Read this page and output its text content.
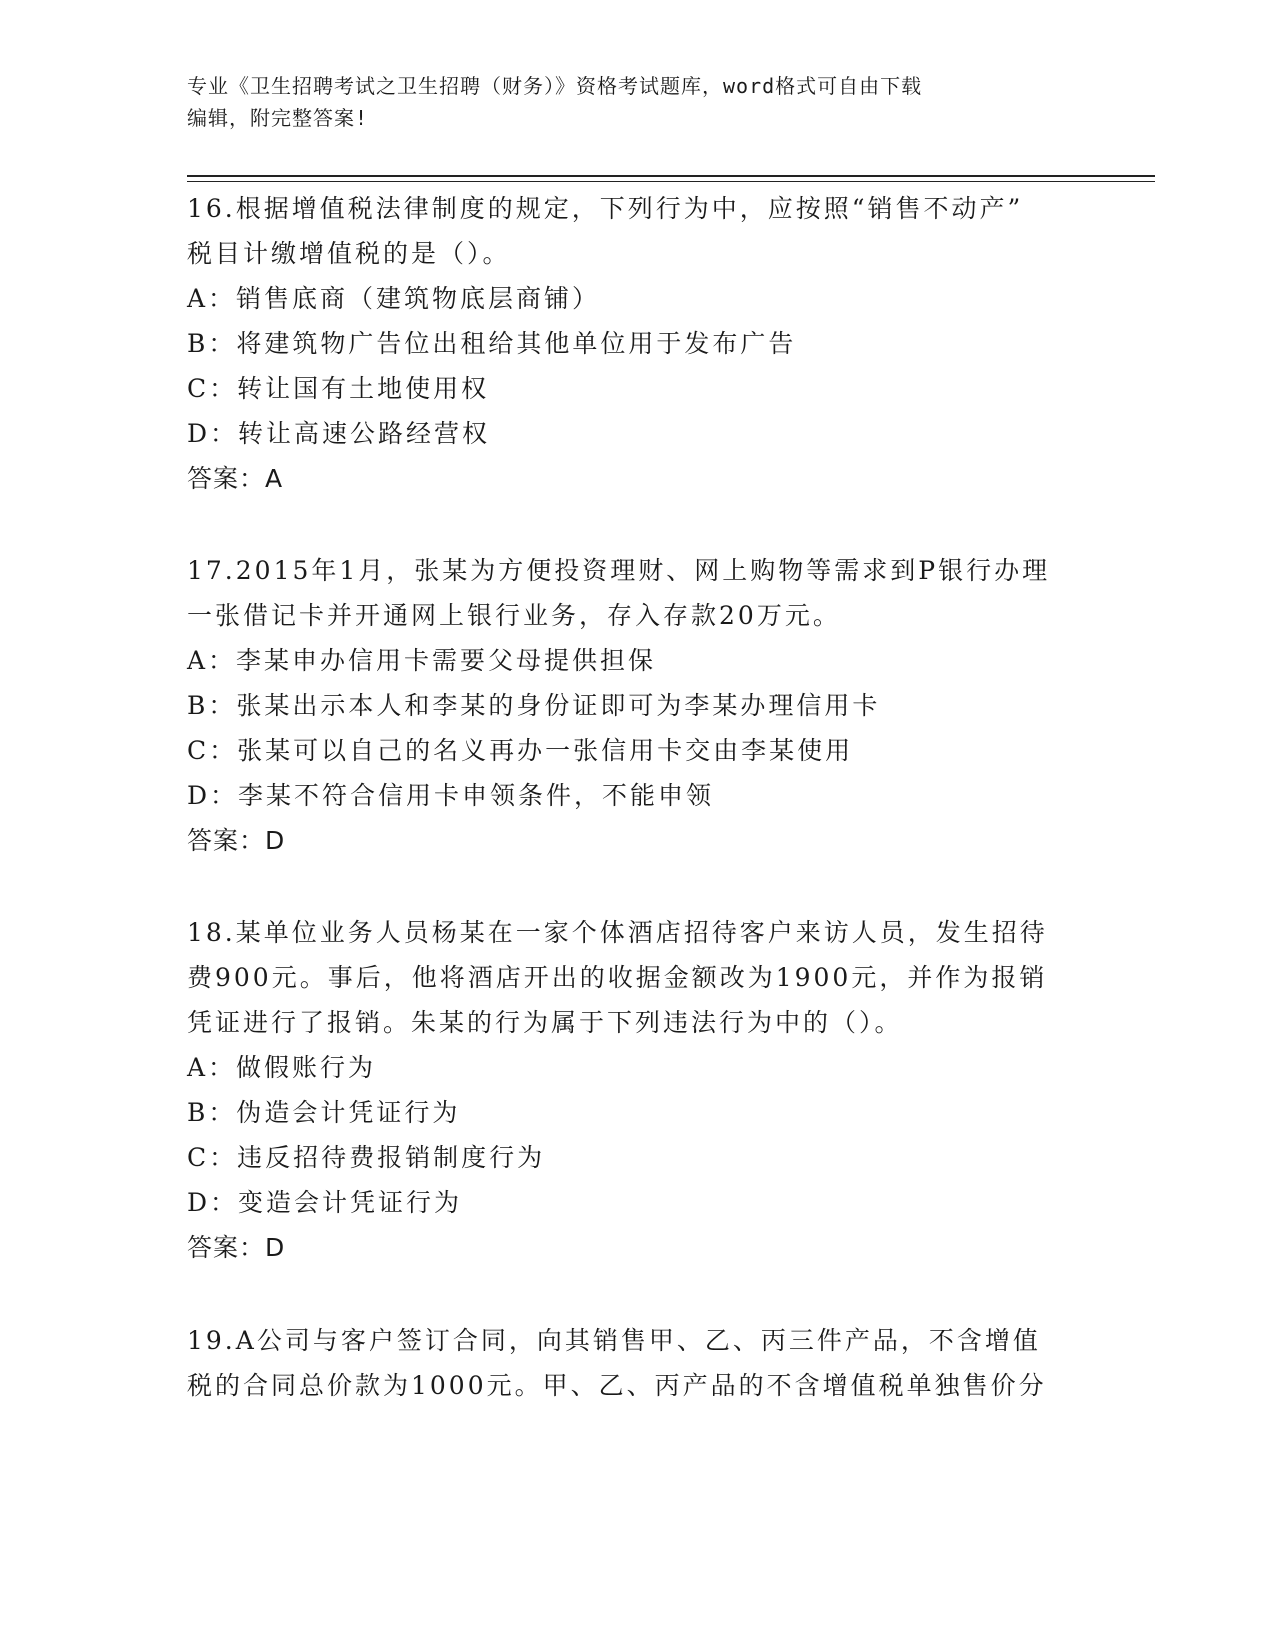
专业《卫生招聘考试之卫生招聘（财务）》资格考试题库，word格式可自由下载
编辑，附完整答案!
16.根据增值税法律制度的规定，下列行为中，应按照“销售不动产”
税目计缴增值税的是（）。
A：销售底商（建筑物底层商铺）
B：将建筑物广告位出租给其他单位用于发布广告
C：转让国有土地使用权
D：转让高速公路经营权
答案：A
17.2015年1月，张某为方便投资理财、网上购物等需求到P银行办理
一张借记卡并开通网上银行业务，存入存款20万元。
A：李某申办信用卡需要父母提供担保
B：张某出示本人和李某的身份证即可为李某办理信用卡
C：张某可以自己的名义再办一张信用卡交由李某使用
D：李某不符合信用卡申领条件，不能申领
答案：D
18.某单位业务人员杨某在一家个体酒店招待客户来访人员，发生招待
费900元。事后，他将酒店开出的收据金额改为1900元，并作为报销
凭证进行了报销。朱某的行为属于下列违法行为中的（）。
A：做假账行为
B：伪造会计凭证行为
C：违反招待费报销制度行为
D：变造会计凭证行为
答案：D
19.A公司与客户签订合同，向其销售甲、乙、丙三件产品，不含增值
税的合同总价款为1000元。甲、乙、丙产品的不含增值税单独售价分
